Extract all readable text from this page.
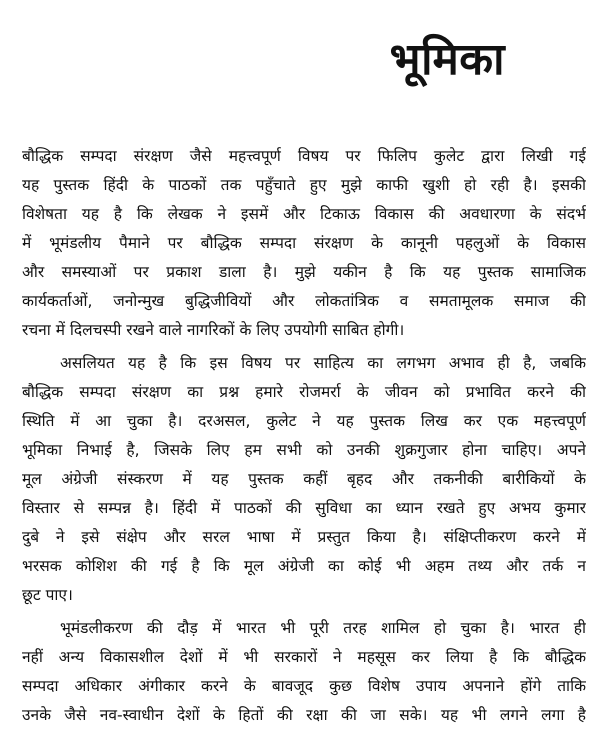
भूमिका
बौद्धिक सम्पदा संरक्षण जैसे महत्त्वपूर्ण विषय पर फिलिप कुलेट द्वारा लिखी गई
यह पुस्तक हिंदी के पाठकों तक पहुँचाते हुए मुझे काफी खुशी हो रही है। इसकी
विशेषता यह है कि लेखक ने इसमें और टिकाऊ विकास की अवधारणा के संदर्भ
में भूमंडलीय पैमाने पर बौद्धिक सम्पदा संरक्षण के कानूनी पहलुओं के विकास
और समस्याओं पर प्रकाश डाला है। मुझे यकीन है कि यह पुस्तक सामाजिक
कार्यकर्ताओं, जनोन्मुख बुद्धिजीवियों और लोकतांत्रिक व समतामूलक समाज की
रचना में दिलचस्पी रखने वाले नागरिकों के लिए उपयोगी साबित होगी।
असलियत यह है कि इस विषय पर साहित्य का लगभग अभाव ही है, जबकि
बौद्धिक सम्पदा संरक्षण का प्रश्न हमारे रोजमर्रा के जीवन को प्रभावित करने की
स्थिति में आ चुका है। दरअसल, कुलेट ने यह पुस्तक लिख कर एक महत्त्वपूर्ण
भूमिका निभाई है, जिसके लिए हम सभी को उनकी शुक्रगुजार होना चाहिए। अपने
मूल अंग्रेजी संस्करण में यह पुस्तक कहीं बृहद और तकनीकी बारीकियों के
विस्तार से सम्पन्न है। हिंदी में पाठकों की सुविधा का ध्यान रखते हुए अभय कुमार
दुबे ने इसे संक्षेप और सरल भाषा में प्रस्तुत किया है। संक्षिप्तीकरण करने में
भरसक कोशिश की गई है कि मूल अंग्रेजी का कोई भी अहम तथ्य और तर्क न
छूट पाए।
भूमंडलीकरण की दौड़ में भारत भी पूरी तरह शामिल हो चुका है। भारत ही
नहीं अन्य विकासशील देशों में भी सरकारों ने महसूस कर लिया है कि बौद्धिक
सम्पदा अधिकार अंगीकार करने के बावजूद कुछ विशेष उपाय अपनाने होंगे ताकि
उनके जैसे नव-स्वाधीन देशों के हितों की रक्षा की जा सके। यह भी लगने लगा है
